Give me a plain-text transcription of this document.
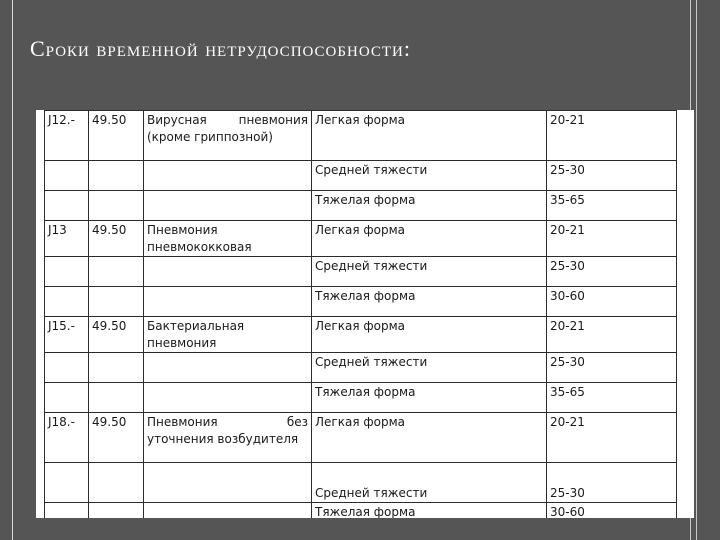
Сроки временной нетрудоспособности:
J12.-	49.50	Вирусная пневмония (кроме гриппозной)	Легкая форма	20-21
			Средней тяжести	25-30
			Тяжелая форма	35-65
J13	49.50	Пневмония пневмококковая	Легкая форма	20-21
			Средней тяжести	25-30
			Тяжелая форма	30-60
J15.-	49.50	Бактериальная пневмония	Легкая форма	20-21
			Средней тяжести	25-30
			Тяжелая форма	35-65
J18.-	49.50	Пневмония без уточнения возбудителя	Легкая форма	20-21
			Средней тяжести	25-30
			Тяжелая форма	30-60
